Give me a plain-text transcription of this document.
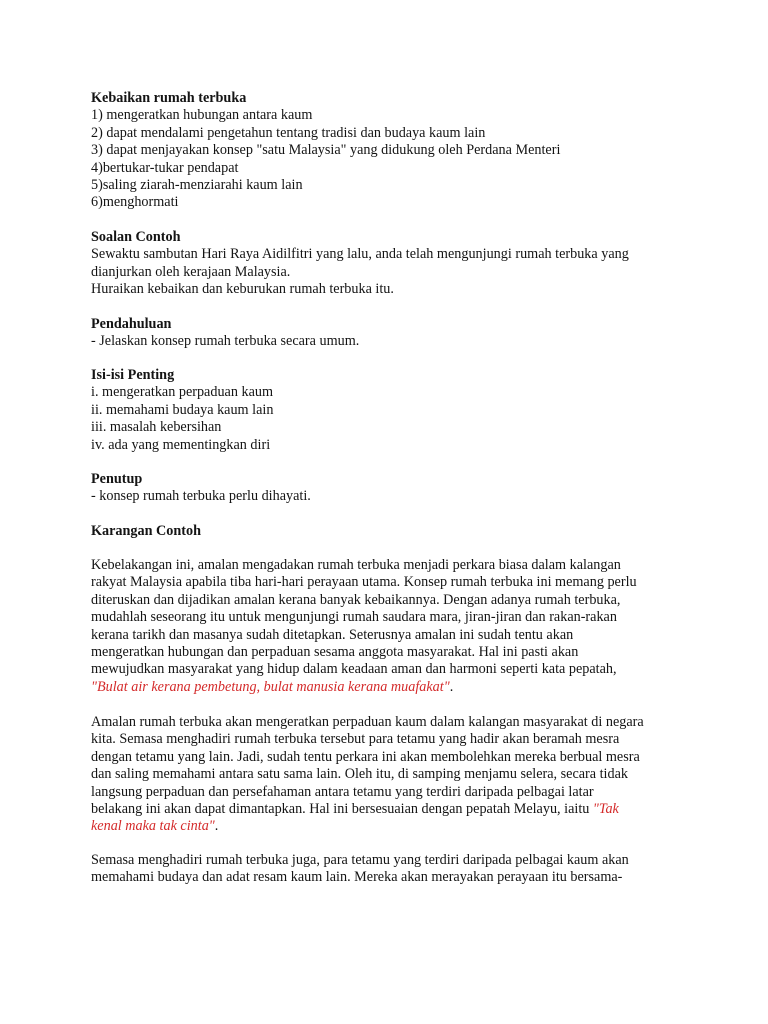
Kebaikan rumah terbuka
1) mengeratkan hubungan antara kaum
2) dapat mendalami pengetahun tentang tradisi dan budaya kaum lain
3) dapat menjayakan konsep "satu Malaysia" yang didukung oleh Perdana Menteri
4)bertukar-tukar pendapat
5)saling ziarah-menziarahi kaum lain
6)menghormati
Soalan Contoh
Sewaktu sambutan Hari Raya Aidilfitri yang lalu, anda telah mengunjungi rumah terbuka yang
dianjurkan oleh kerajaan Malaysia.
Huraikan kebaikan dan keburukan rumah terbuka itu.
Pendahuluan
- Jelaskan konsep rumah terbuka secara umum.
Isi-isi Penting
i. mengeratkan perpaduan kaum
ii. memahami budaya kaum lain
iii. masalah kebersihan
iv. ada yang mementingkan diri
Penutup
- konsep rumah terbuka perlu dihayati.
Karangan Contoh
Kebelakangan ini, amalan mengadakan rumah terbuka menjadi perkara biasa dalam kalangan
rakyat Malaysia apabila tiba hari-hari perayaan utama. Konsep rumah terbuka ini memang perlu
diteruskan dan dijadikan amalan kerana banyak kebaikannya. Dengan adanya rumah terbuka,
mudahlah seseorang itu untuk mengunjungi rumah saudara mara, jiran-jiran dan rakan-rakan
kerana tarikh dan masanya sudah ditetapkan. Seterusnya amalan ini sudah tentu akan
mengeratkan hubungan dan perpaduan sesama anggota masyarakat. Hal ini pasti akan
mewujudkan masyarakat yang hidup dalam keadaan aman dan harmoni seperti kata pepatah,
"Bulat air kerana pembetung, bulat manusia kerana muafakat".
Amalan rumah terbuka akan mengeratkan perpaduan kaum dalam kalangan masyarakat di negara
kita. Semasa menghadiri rumah terbuka tersebut para tetamu yang hadir akan beramah mesra
dengan tetamu yang lain. Jadi, sudah tentu perkara ini akan membolehkan mereka berbual mesra
dan saling memahami antara satu sama lain. Oleh itu, di samping menjamu selera, secara tidak
langsung perpaduan dan persefahaman antara tetamu yang terdiri daripada pelbagai latar
belakang ini akan dapat dimantapkan. Hal ini bersesuaian dengan pepatah Melayu, iaitu "Tak
kenal maka tak cinta".
Semasa menghadiri rumah terbuka juga, para tetamu yang terdiri daripada pelbagai kaum akan
memahami budaya dan adat resam kaum lain. Mereka akan merayakan perayaan itu bersama-
